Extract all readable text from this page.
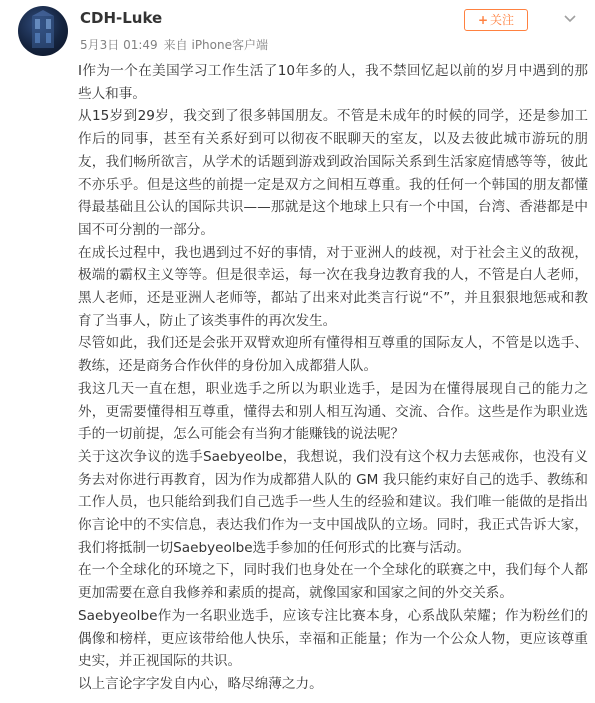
CDH-Luke
5月3日 01:49 来自 iPhone客户端
+ 关注

I作为一个在美国学习工作生活了10年多的人，我不禁回忆起以前的岁月中遇到的那些人和事。

从15岁到29岁，我交到了很多韩国朋友。不管是未成年的时候的同学，还是参加工作后的同事，甚至有关系好到可以彻夜不眠聊天的室友，以及去彼此城市游玩的朋友，我们畅所欲言，从学术的话题到游戏到政治国际关系到生活家庭情感等等，彼此不亦乐乎。但是这些的前提一定是双方之间相互尊重。我的任何一个韩国的朋友都懂得最基础且公认的国际共识——那就是这个地球上只有一个中国，台湾、香港都是中国不可分割的一部分。

在成长过程中，我也遇到过不好的事情，对于亚洲人的歧视，对于社会主义的敌视，极端的霸权主义等等。但是很幸运，每一次在我身边教育我的人，不管是白人老师，黑人老师，还是亚洲人老师等，都站了出来对此类言行说“不”，并且狠狠地惩戒和教育了当事人，防止了该类事件的再次发生。

尽管如此，我们还是会张开双臂欢迎所有懂得相互尊重的国际友人，不管是以选手、教练，还是商务合作伙伴的身份加入成都猎人队。

我这几天一直在想，职业选手之所以为职业选手，是因为在懂得展现自己的能力之外，更需要懂得相互尊重，懂得去和别人相互沟通、交流、合作。这些是作为职业选手的一切前提，怎么可能会有当狗才能赚钱的说法呢？

关于这次争议的选手Saebyeolbe，我想说，我们没有这个权力去惩戒你，也没有义务去对你进行再教育，因为作为成都猎人队的 GM 我只能约束好自己的选手、教练和工作人员，也只能给到我们自己选手一些人生的经验和建议。我们唯一能做的是指出你言论中的不实信息，表达我们作为一支中国战队的立场。同时，我正式告诉大家，我们将抵制一切Saebyeolbe选手参加的任何形式的比赛与活动。

在一个全球化的环境之下，同时我们也身处在一个全球化的联赛之中，我们每个人都更加需要在意自我修养和素质的提高，就像国家和国家之间的外交关系。

Saebyeolbe作为一名职业选手，应该专注比赛本身，心系战队荣耀；作为粉丝们的偶像和榜样，更应该带给他人快乐，幸福和正能量；作为一个公众人物，更应该尊重史实，并正视国际的共识。

以上言论字字发自内心，略尽绵薄之力。
